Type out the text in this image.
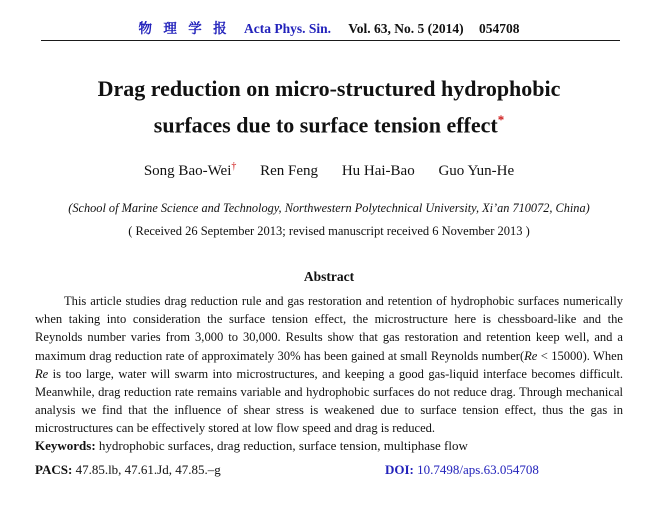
物 理 学 报 Acta Phys. Sin. Vol. 63, No. 5 (2014) 054708
Drag reduction on micro-structured hydrophobic
surfaces due to surface tension effect*
Song Bao-Wei† Ren Feng Hu Hai-Bao Guo Yun-He
(School of Marine Science and Technology, Northwestern Polytechnical University, Xi’an 710072, China)
( Received 26 September 2013; revised manuscript received 6 November 2013 )
Abstract

This article studies drag reduction rule and gas restoration and retention of hydrophobic surfaces numerically when taking into consideration the surface tension effect, the microstructure here is chessboard-like and the Reynolds number varies from 3,000 to 30,000. Results show that gas restoration and retention keep well, and a maximum drag reduction rate of approximately 30% has been gained at small Reynolds number(Re < 15000). When Re is too large, water will swarm into microstructures, and keeping a good gas-liquid interface becomes difficult. Meanwhile, drag reduction rate remains variable and hydrophobic surfaces do not reduce drag. Through mechanical analysis we find that the influence of shear stress is weakened due to surface tension effect, thus the gas in microstructures can be effectively stored at low flow speed and drag is reduced.

Keywords: hydrophobic surfaces, drag reduction, surface tension, multiphase flow
PACS: 47.85.lb, 47.61.Jd, 47.85.–g	DOI: 10.7498/aps.63.054708
